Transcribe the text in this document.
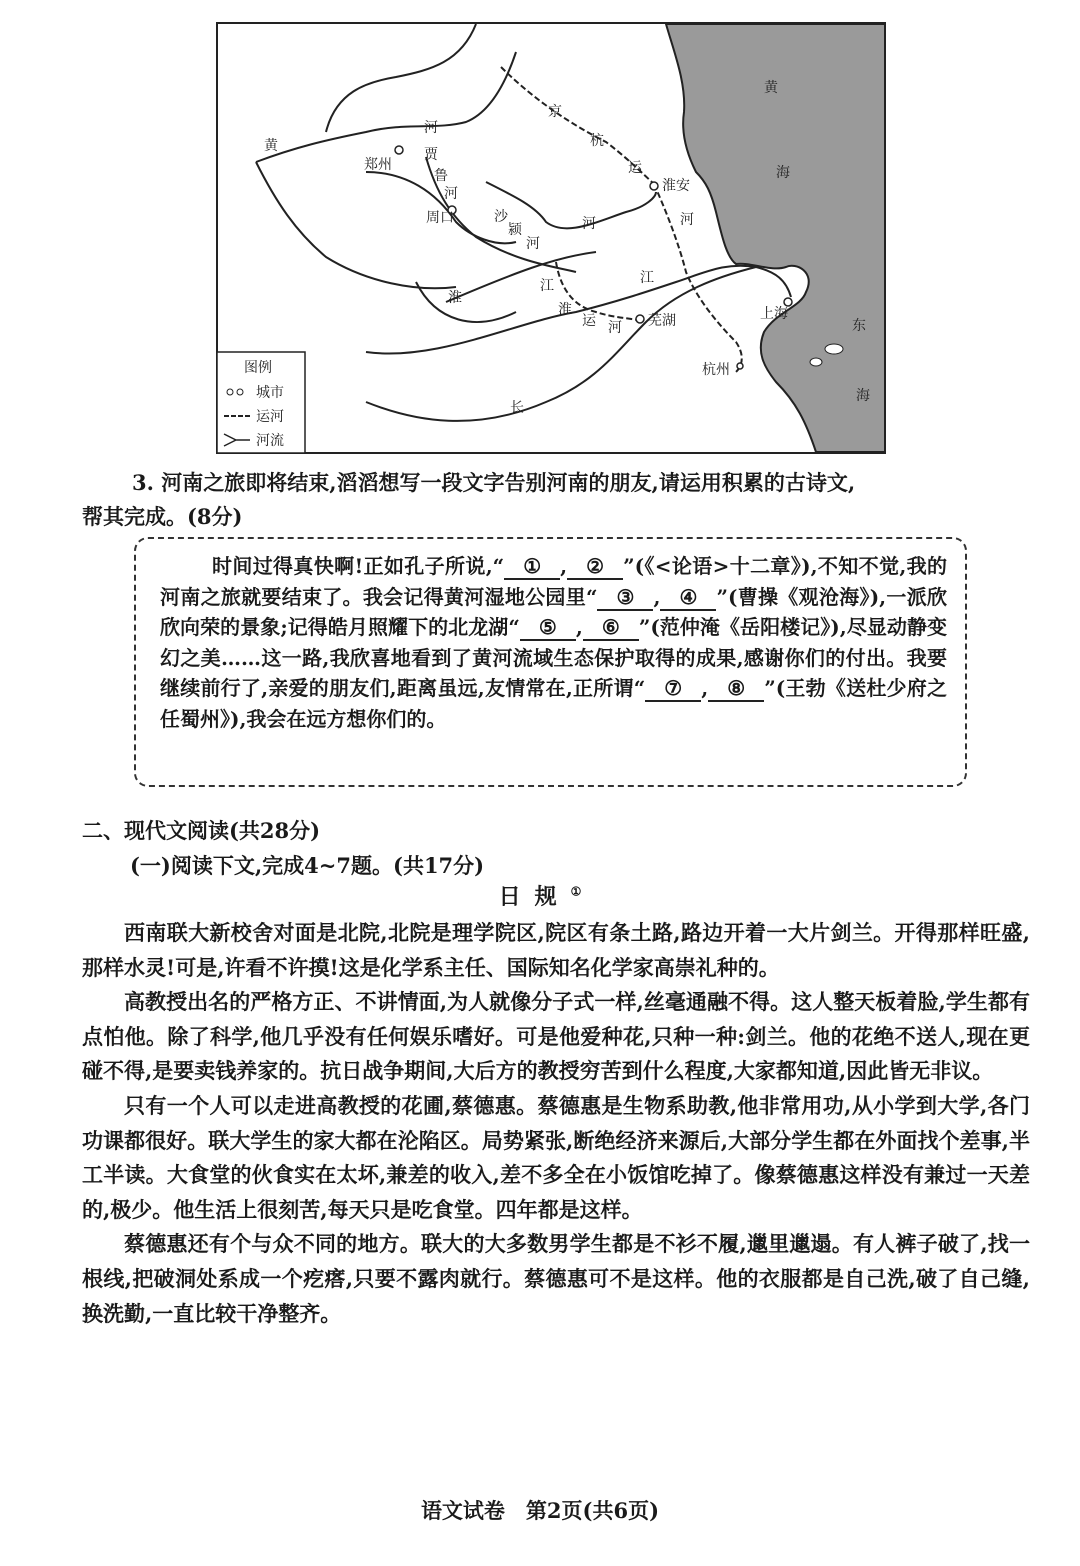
黄
河
郑州
贾
鲁
河
周口	沙
颍
河
淮
河
京
杭
运
淮安
河
江
淮
运 河 芜湖
江
上海
杭州
长
黄
海
东
海
图例
城市
运河
河流
3. 河南之旅即将结束,滔滔想写一段文字告别河南的朋友,请运用积累的古诗文,
帮其完成。(8分)

时间过得真快啊!正如孔子所说,“ ① , ② ”(《<论语>十二章》),不知不觉,我的河南之旅就要结束了。我会记得黄河湿地公园里“ ③ , ④ ”(曹操《观沧海》),一派欣欣向荣的景象;记得皓月照耀下的北龙湖“ ⑤ , ⑥ ”(范仲淹《岳阳楼记》),尽显动静变幻之美……这一路,我欣喜地看到了黄河流域生态保护取得的成果,感谢你们的付出。我要继续前行了,亲爱的朋友们,距离虽远,友情常在,正所谓“ ⑦ , ⑧ ”(王勃《送杜少府之任蜀州》),我会在远方想你们的。

二、现代文阅读(共28分)
(一)阅读下文,完成4~7题。(共17分)
日规①

西南联大新校舍对面是北院,北院是理学院区,院区有条土路,路边开着一大片剑兰。开得那样旺盛,那样水灵!可是,许看不许摸!这是化学系主任、国际知名化学家高崇礼种的。

高教授出名的严格方正、不讲情面,为人就像分子式一样,丝毫通融不得。这人整天板着脸,学生都有点怕他。除了科学,他几乎没有任何娱乐嗜好。可是他爱种花,只种一种:剑兰。他的花绝不送人,现在更碰不得,是要卖钱养家的。抗日战争期间,大后方的教授穷苦到什么程度,大家都知道,因此皆无非议。

只有一个人可以走进高教授的花圃,蔡德惠。蔡德惠是生物系助教,他非常用功,从小学到大学,各门功课都很好。联大学生的家大都在沦陷区。局势紧张,断绝经济来源后,大部分学生都在外面找个差事,半工半读。大食堂的伙食实在太坏,兼差的收入,差不多全在小饭馆吃掉了。像蔡德惠这样没有兼过一天差的,极少。他生活上很刻苦,每天只是吃食堂。四年都是这样。

蔡德惠还有个与众不同的地方。联大的大多数男学生都是不衫不履,邋里邋遢。有人裤子破了,找一根线,把破洞处系成一个疙瘩,只要不露肉就行。蔡德惠可不是这样。他的衣服都是自己洗,破了自己缝,换洗勤,一直比较干净整齐。

语文试卷　第2页(共6页)
